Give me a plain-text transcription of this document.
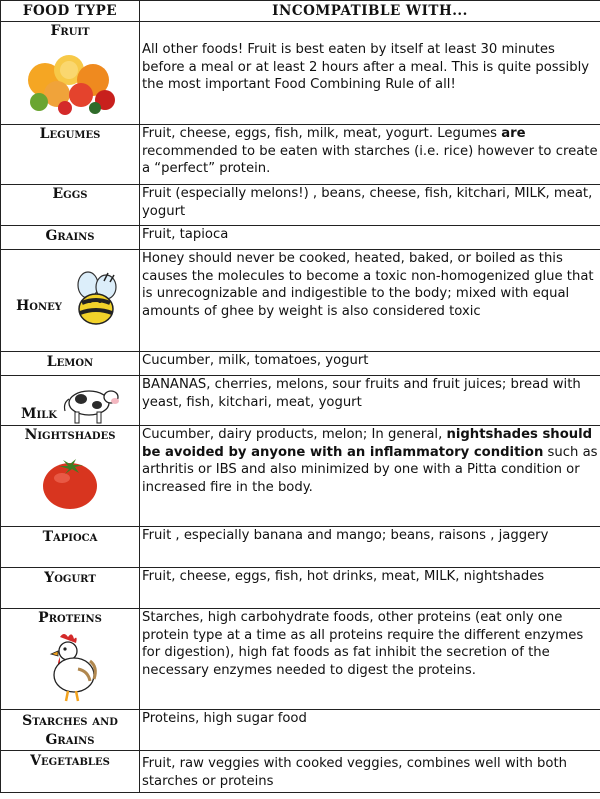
FOOD TYPE	INCOMPATIBLE WITH...

Fruit	All other foods! Fruit is best eaten by itself at least 30 minutes before a meal or at least 2 hours after a meal. This is quite possibly the most important Food Combining Rule of all!

Legumes	Fruit, cheese, eggs, fish, milk, meat, yogurt. Legumes are recommended to be eaten with starches (i.e. rice) however to create a “perfect” protein.

Eggs	Fruit (especially melons!) , beans, cheese, fish, kitchari, MILK, meat, yogurt

Grains	Fruit, tapioca

Honey	Honey should never be cooked, heated, baked, or boiled as this causes the molecules to become a toxic non-homogenized glue that is unrecognizable and indigestible to the body; mixed with equal amounts of ghee by weight is also considered toxic

Lemon	Cucumber, milk, tomatoes, yogurt

Milk	BANANAS, cherries, melons, sour fruits and fruit juices; bread with yeast, fish, kitchari, meat, yogurt

Nightshades	Cucumber, dairy products, melon; In general, nightshades should be avoided by anyone with an inflammatory condition such as arthritis or IBS and also minimized by one with a Pitta condition or increased fire in the body.

Tapioca	Fruit , especially banana and mango; beans, raisons , jaggery

Yogurt	Fruit, cheese, eggs, fish, hot drinks, meat, MILK, nightshades

Proteins	Starches, high carbohydrate foods, other proteins (eat only one protein type at a time as all proteins require the different enzymes for digestion), high fat foods as fat inhibit the secretion of the necessary enzymes needed to digest the proteins.

Starches and Grains	Proteins, high sugar food

Vegetables	Fruit, raw veggies with cooked veggies, combines well with both starches or proteins
